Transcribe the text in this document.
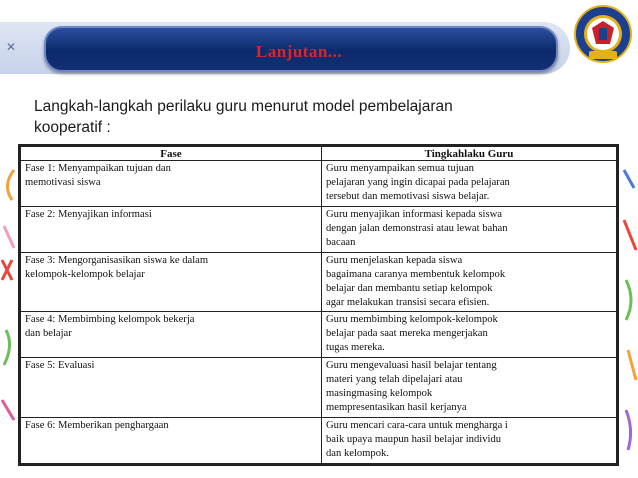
✕	Lanjutan...
Langkah-langkah perilaku guru menurut model pembelajaran
kooperatif :
Fase	Tingkahlaku Guru
Fase 1: Menyampaikan tujuan dan
memotivasi siswa	Guru menyampaikan semua tujuan
pelajaran yang ingin dicapai pada pelajaran
tersebut dan memotivasi siswa belajar.
Fase 2: Menyajikan informasi	Guru menyajikan informasi kepada siswa
dengan jalan demonstrasi atau lewat bahan
bacaan
Fase 3: Mengorganisasikan siswa ke dalam
kelompok-kelompok belajar	Guru menjelaskan kepada siswa
bagaimana caranya membentuk kelompok
belajar dan membantu setiap kelompok
agar melakukan transisi secara efisien.
Fase 4: Membimbing kelompok bekerja
dan belajar	Guru membimbing kelompok-kelompok
belajar pada saat mereka mengerjakan
tugas mereka.
Fase 5: Evaluasi	Guru mengevaluasi hasil belajar tentang
materi yang telah dipelajari atau
masingmasing kelompok
mempresentasikan hasil kerjanya
Fase 6: Memberikan penghargaan	Guru mencari cara-cara untuk mengharga i
baik upaya maupun hasil belajar individu
dan kelompok.
